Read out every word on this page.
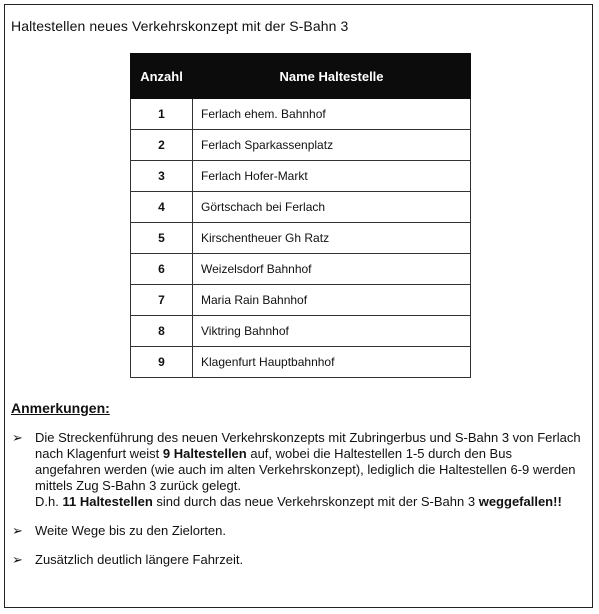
Haltestellen neues Verkehrskonzept mit der S-Bahn 3
Anzahl	Name Haltestelle
1	Ferlach ehem. Bahnhof
2	Ferlach Sparkassenplatz
3	Ferlach Hofer-Markt
4	Görtschach bei Ferlach
5	Kirschentheuer Gh Ratz
6	Weizelsdorf Bahnhof
7	Maria Rain Bahnhof
8	Viktring Bahnhof
9	Klagenfurt Hauptbahnhof
Anmerkungen:
➢ Die Streckenführung des neuen Verkehrskonzepts mit Zubringerbus und S-Bahn 3 von Ferlach nach Klagenfurt weist 9 Haltestellen auf, wobei die Haltestellen 1-5 durch den Bus angefahren werden (wie auch im alten Verkehrskonzept), lediglich die Haltestellen 6-9 werden mittels Zug S-Bahn 3 zurück gelegt.
D.h. 11 Haltestellen sind durch das neue Verkehrskonzept mit der S-Bahn 3 weggefallen!!
➢ Weite Wege bis zu den Zielorten.
➢ Zusätzlich deutlich längere Fahrzeit.
